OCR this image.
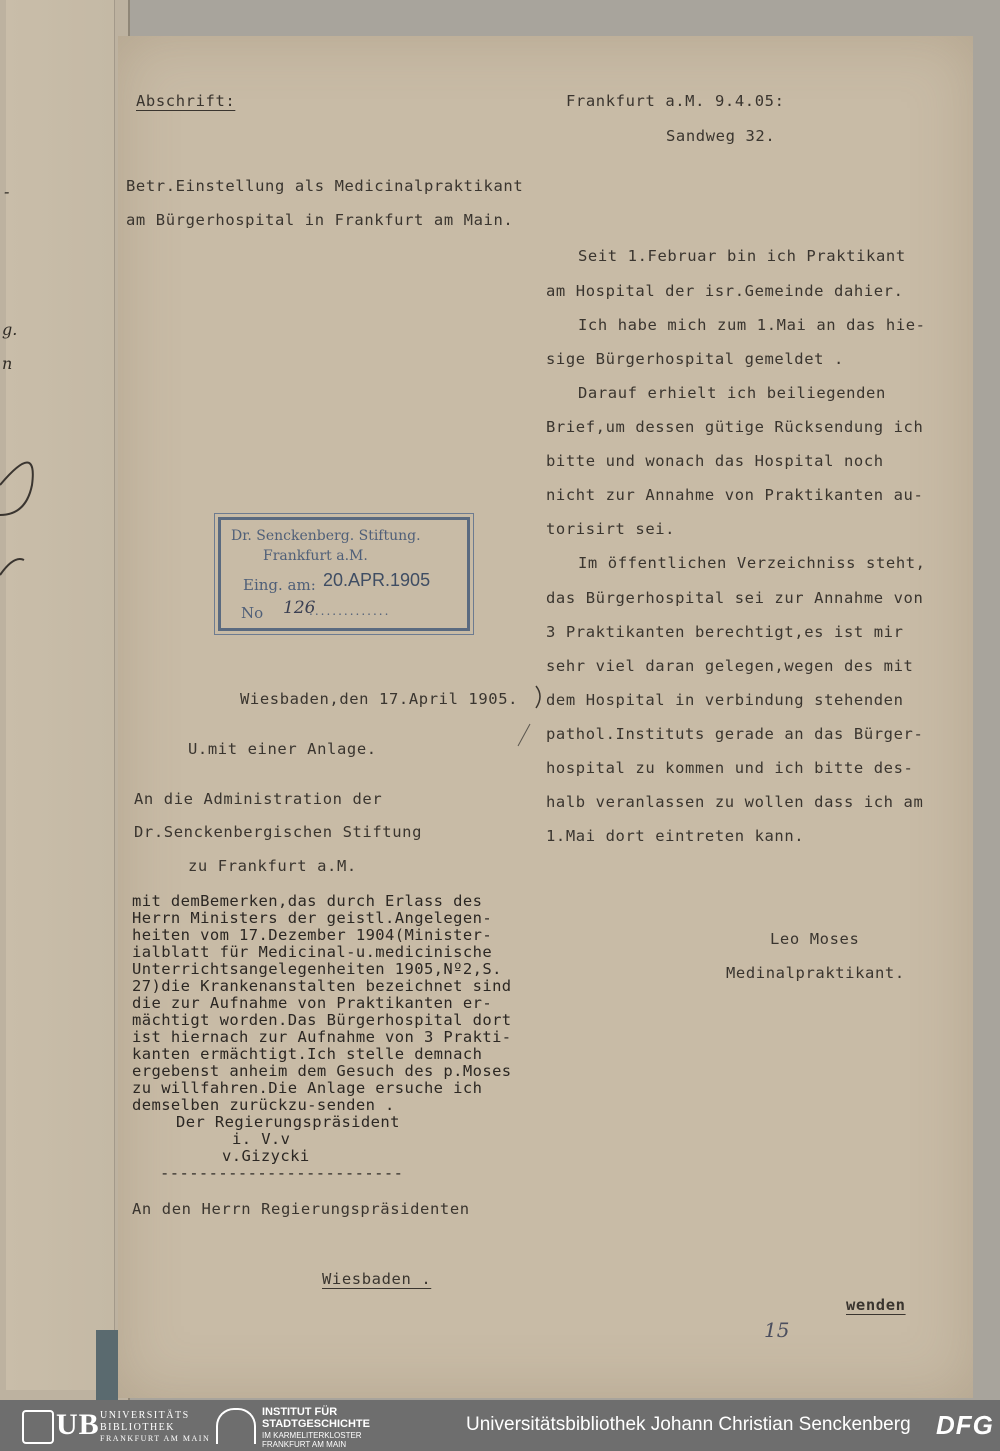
-
g.
n
Abschrift:	Frankfurt a.M. 9.4.05:
Sandweg 32.
Betr.Einstellung als Medicinalpraktikant
am Bürgerhospital in Frankfurt am Main.
Seit 1.Februar bin ich Praktikant
am Hospital der isr.Gemeinde dahier.
Ich habe mich zum 1.Mai an das hie-
sige Bürgerhospital gemeldet .
Darauf erhielt ich beiliegenden
Brief,um dessen gütige Rücksendung ich
bitte und wonach das Hospital noch
nicht zur Annahme von Praktikanten au-
torisirt sei.
Im öffentlichen Verzeichniss steht,
das Bürgerhospital sei zur Annahme von
3 Praktikanten berechtigt,es ist mir
sehr viel daran gelegen,wegen des mit
dem Hospital in verbindung stehenden
pathol.Instituts gerade an das Bürger-
hospital zu kommen und ich bitte des-
halb veranlassen zu wollen dass ich am
1.Mai dort eintreten kann.
Leo Moses
Medinalpraktikant.
Dr. Senckenberg. Stiftung.
Frankfurt a.M.
Eing. am: 20.APR.1905
No 126
..............
Wiesbaden,den 17.April 1905.
U.mit einer Anlage.
An die Administration der
Dr.Senckenbergischen Stiftung
zu Frankfurt a.M.
mit demBemerken,das durch Erlass des
Herrn Ministers der geistl.Angelegen-
heiten vom 17.Dezember 1904(Minister-
ialblatt für Medicinal-u.medicinische
Unterrichtsangelegenheiten 1905,Nº2,S.
27)die Krankenanstalten bezeichnet sind
die zur Aufnahme von Praktikanten er-
mächtigt worden.Das Bürgerhospital dort
ist hiernach zur Aufnahme von 3 Prakti-
kanten ermächtigt.Ich stelle demnach
ergebenst anheim dem Gesuch des p.Moses
zu willfahren.Die Anlage ersuche ich
demselben zurückzu-senden .
Der Regierungspräsident
i. V.v
v.Gizycki
-------------------------
An den Herrn Regierungspräsidenten
Wiesbaden .
wenden
15
UB UNIVERSITÄTS
BIBLIOTHEK
FRANKFURT AM MAIN
INSTITUT FÜR
STADTGESCHICHTE
IM KARMELITERKLOSTER
FRANKFURT AM MAIN
Universitätsbibliothek Johann Christian Senckenberg DFG
